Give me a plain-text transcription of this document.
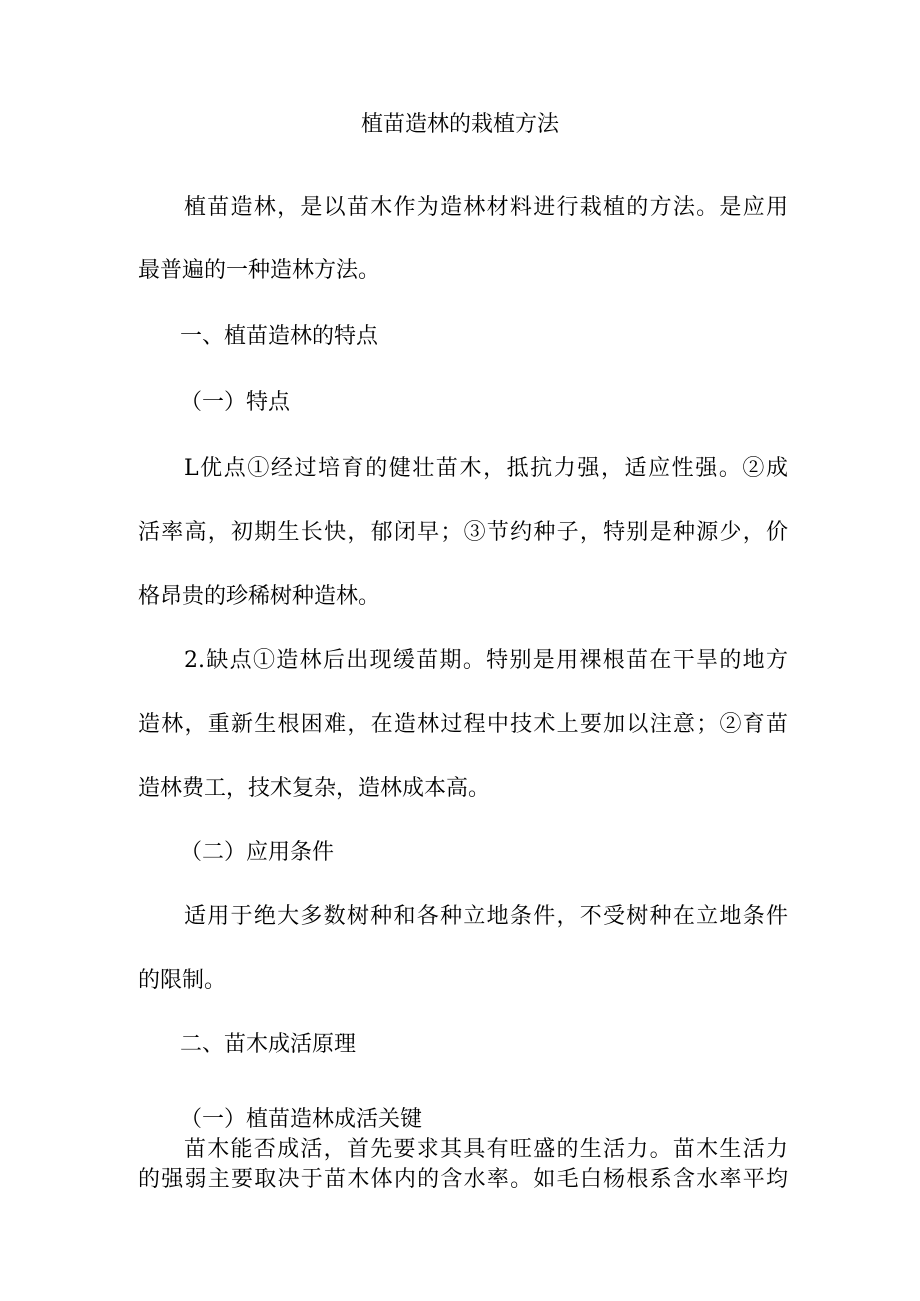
植苗造林的栽植方法
植苗造林，是以苗木作为造林材料进行栽植的方法。是应用
最普遍的一种造林方法。
一、植苗造林的特点
（一）特点
L优点①经过培育的健壮苗木，抵抗力强，适应性强。②成
活率高，初期生长快，郁闭早；③节约种子，特别是种源少，价
格昂贵的珍稀树种造林。
2.缺点①造林后出现缓苗期。特别是用裸根苗在干旱的地方
造林，重新生根困难，在造林过程中技术上要加以注意；②育苗
造林费工，技术复杂，造林成本高。
（二）应用条件
适用于绝大多数树种和各种立地条件，不受树种在立地条件
的限制。
二、苗木成活原理
（一）植苗造林成活关键
苗木能否成活，首先要求其具有旺盛的生活力。苗木生活力
的强弱主要取决于苗木体内的含水率。如毛白杨根系含水率平均
